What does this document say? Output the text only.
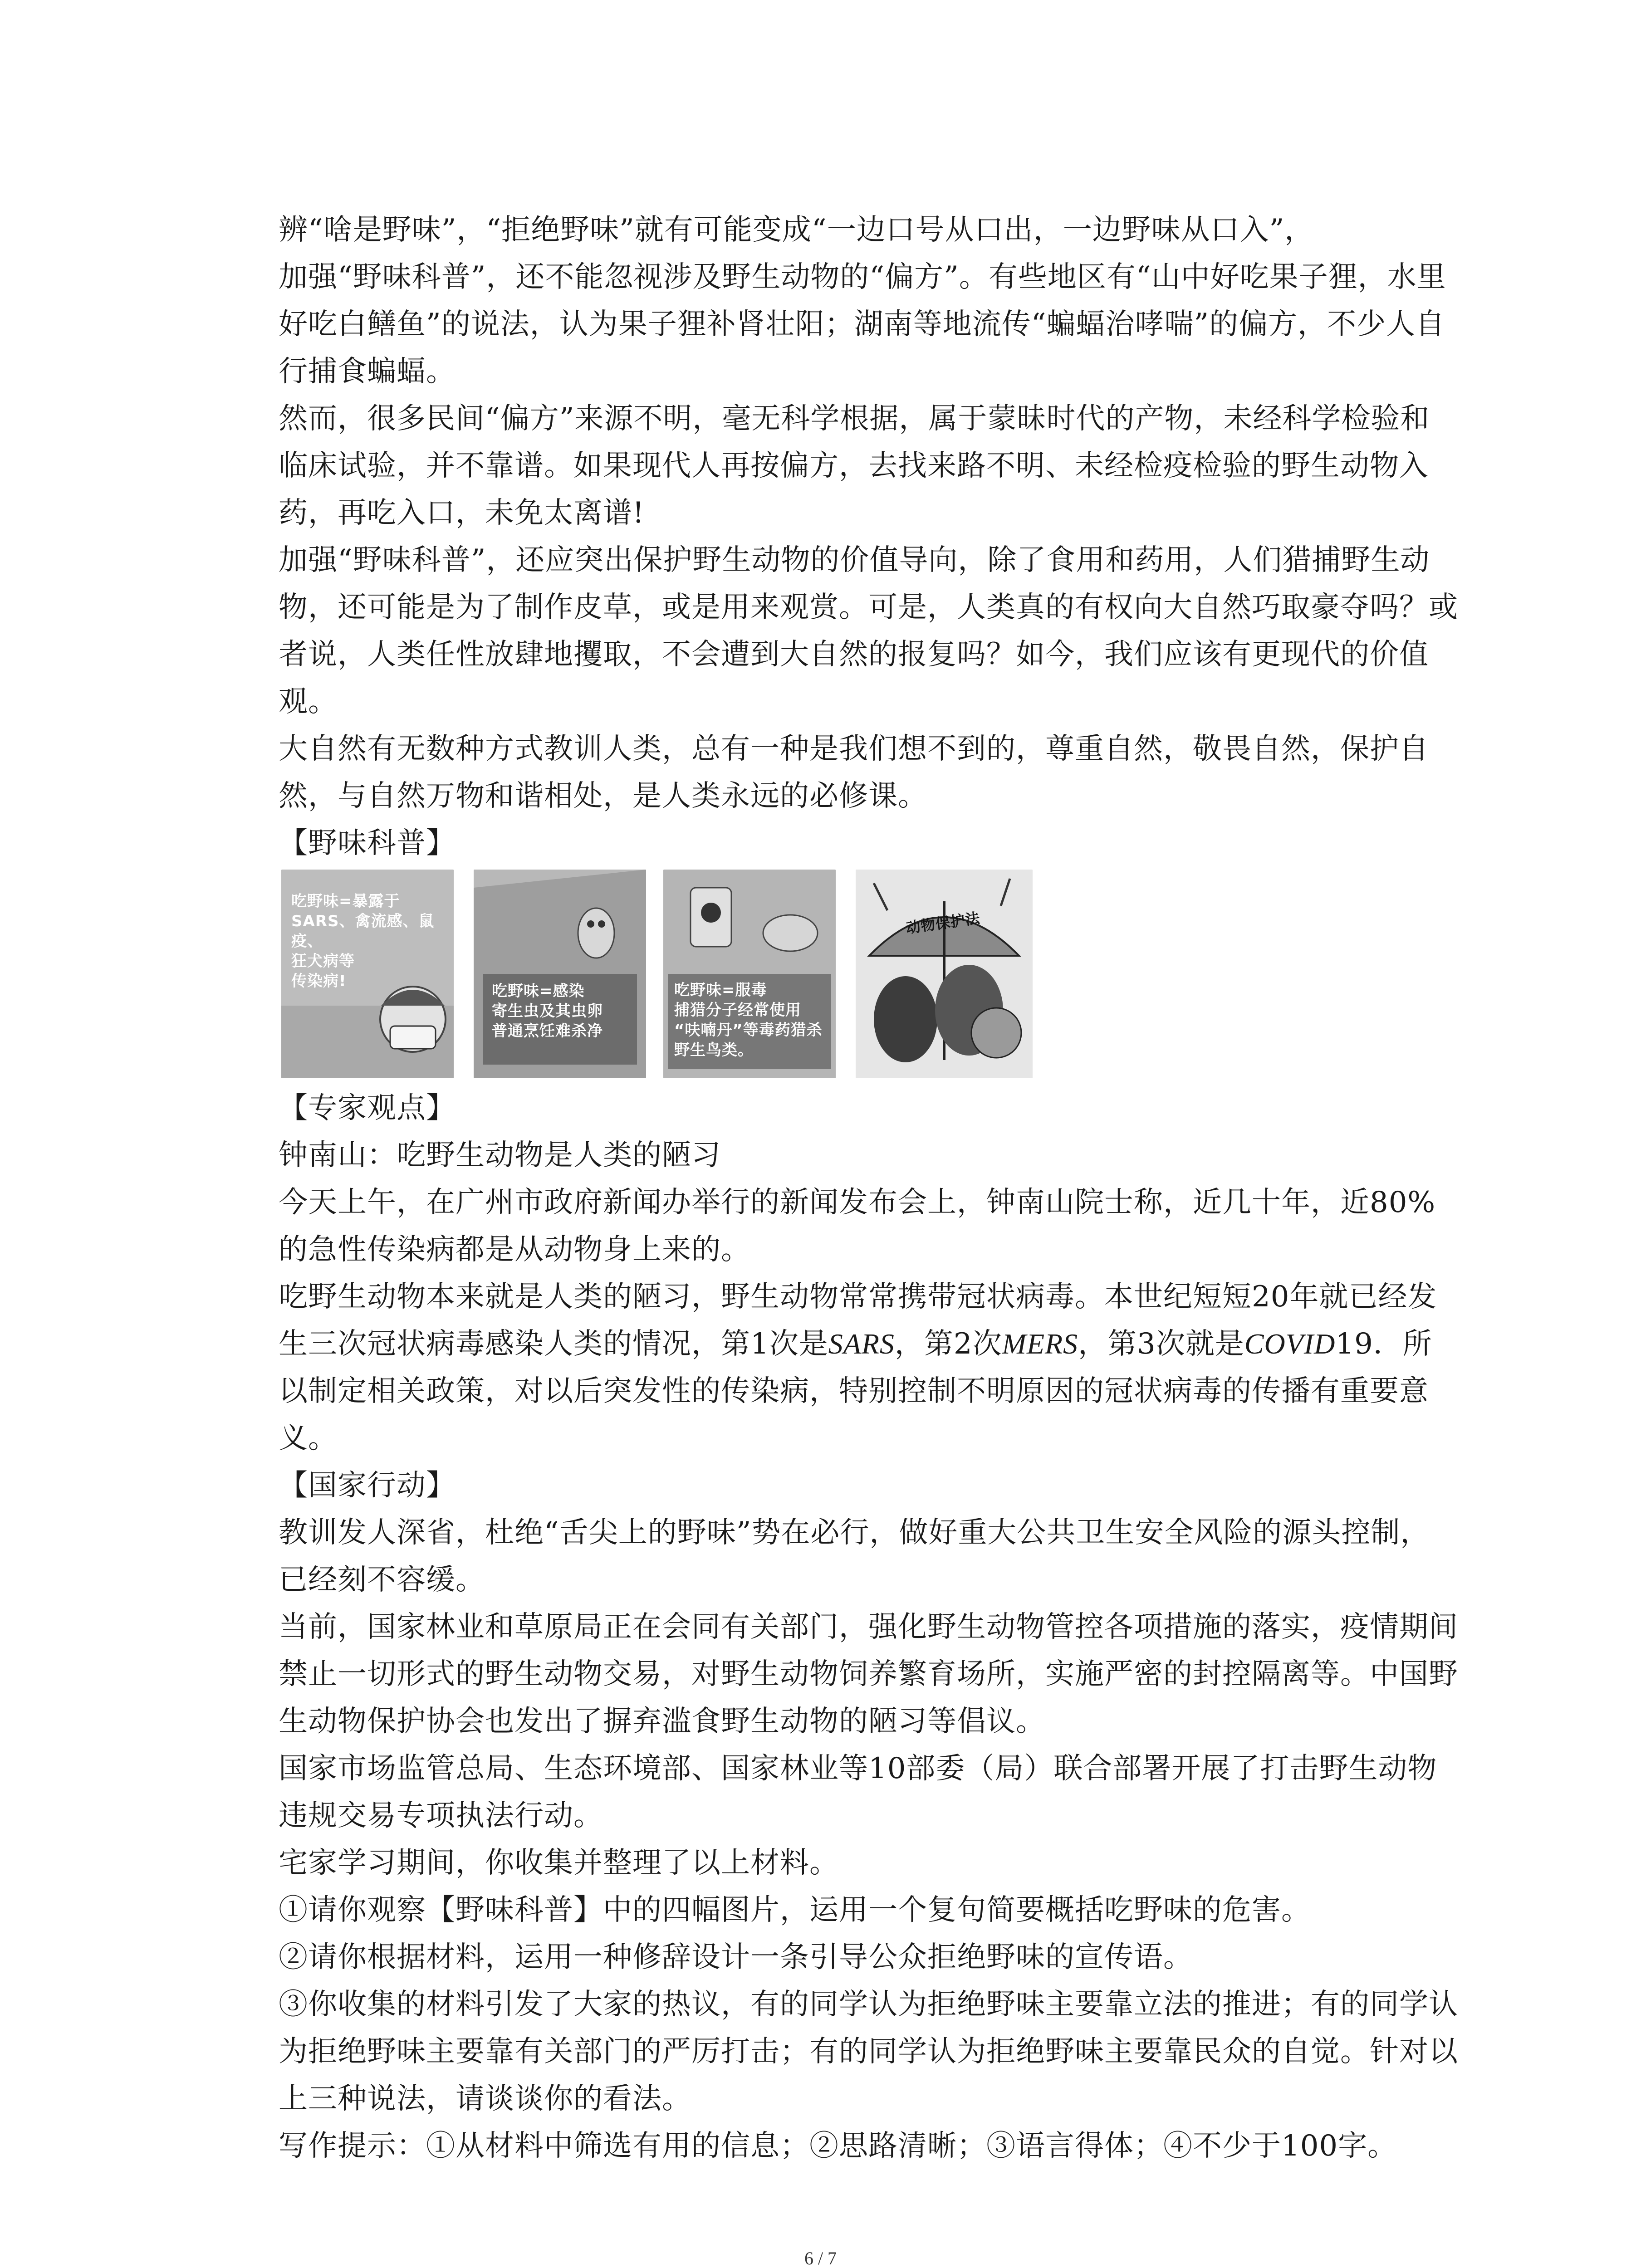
辨“啥是野味”，“拒绝野味”就有可能变成“一边口号从口出，一边野味从口入”，

加强“野味科普”，还不能忽视涉及野生动物的“偏方”。有些地区有“山中好吃果子狸，水里好吃白鳝鱼”的说法，认为果子狸补肾壮阳；湖南等地流传“蝙蝠治哮喘”的偏方，不少人自行捕食蝙蝠。

然而，很多民间“偏方”来源不明，毫无科学根据，属于蒙昧时代的产物，未经科学检验和临床试验，并不靠谱。如果现代人再按偏方，去找来路不明、未经检疫检验的野生动物入药，再吃入口，未免太离谱!

加强“野味科普”，还应突出保护野生动物的价值导向，除了食用和药用，人们猎捕野生动物，还可能是为了制作皮草，或是用来观赏。可是，人类真的有权向大自然巧取豪夺吗？或者说，人类任性放肆地攫取，不会遭到大自然的报复吗？如今，我们应该有更现代的价值观。

大自然有无数种方式教训人类，总有一种是我们想不到的，尊重自然，敬畏自然，保护自然，与自然万物和谐相处，是人类永远的必修课。

【野味科普】

吃野味=暴露于
SARS、禽流感、鼠疫、
狂犬病等
传染病!
吃野味=感染
寄生虫及其虫卵
普通烹饪难杀净
吃野味=服毒
捕猎分子经常使用
“呋喃丹”等毒药猎杀
野生鸟类。
动物保护法

【专家观点】

钟南山：吃野生动物是人类的陋习

今天上午，在广州市政府新闻办举行的新闻发布会上，钟南山院士称，近几十年，近80%的急性传染病都是从动物身上来的。

吃野生动物本来就是人类的陋习，野生动物常常携带冠状病毒。本世纪短短20年就已经发生三次冠状病毒感染人类的情况，第1次是SARS，第2次MERS，第3次就是COVID19．所以制定相关政策，对以后突发性的传染病，特别控制不明原因的冠状病毒的传播有重要意义。

【国家行动】

教训发人深省，杜绝“舌尖上的野味”势在必行，做好重大公共卫生安全风险的源头控制，已经刻不容缓。

当前，国家林业和草原局正在会同有关部门，强化野生动物管控各项措施的落实，疫情期间禁止一切形式的野生动物交易，对野生动物饲养繁育场所，实施严密的封控隔离等。中国野生动物保护协会也发出了摒弃滥食野生动物的陋习等倡议。

国家市场监管总局、生态环境部、国家林业等10部委（局）联合部署开展了打击野生动物违规交易专项执法行动。

宅家学习期间，你收集并整理了以上材料。

①请你观察【野味科普】中的四幅图片，运用一个复句简要概括吃野味的危害。

②请你根据材料，运用一种修辞设计一条引导公众拒绝野味的宣传语。

③你收集的材料引发了大家的热议，有的同学认为拒绝野味主要靠立法的推进；有的同学认为拒绝野味主要靠有关部门的严厉打击；有的同学认为拒绝野味主要靠民众的自觉。针对以上三种说法，请谈谈你的看法。

写作提示：①从材料中筛选有用的信息；②思路清晰；③语言得体；④不少于100字。

6 / 7
